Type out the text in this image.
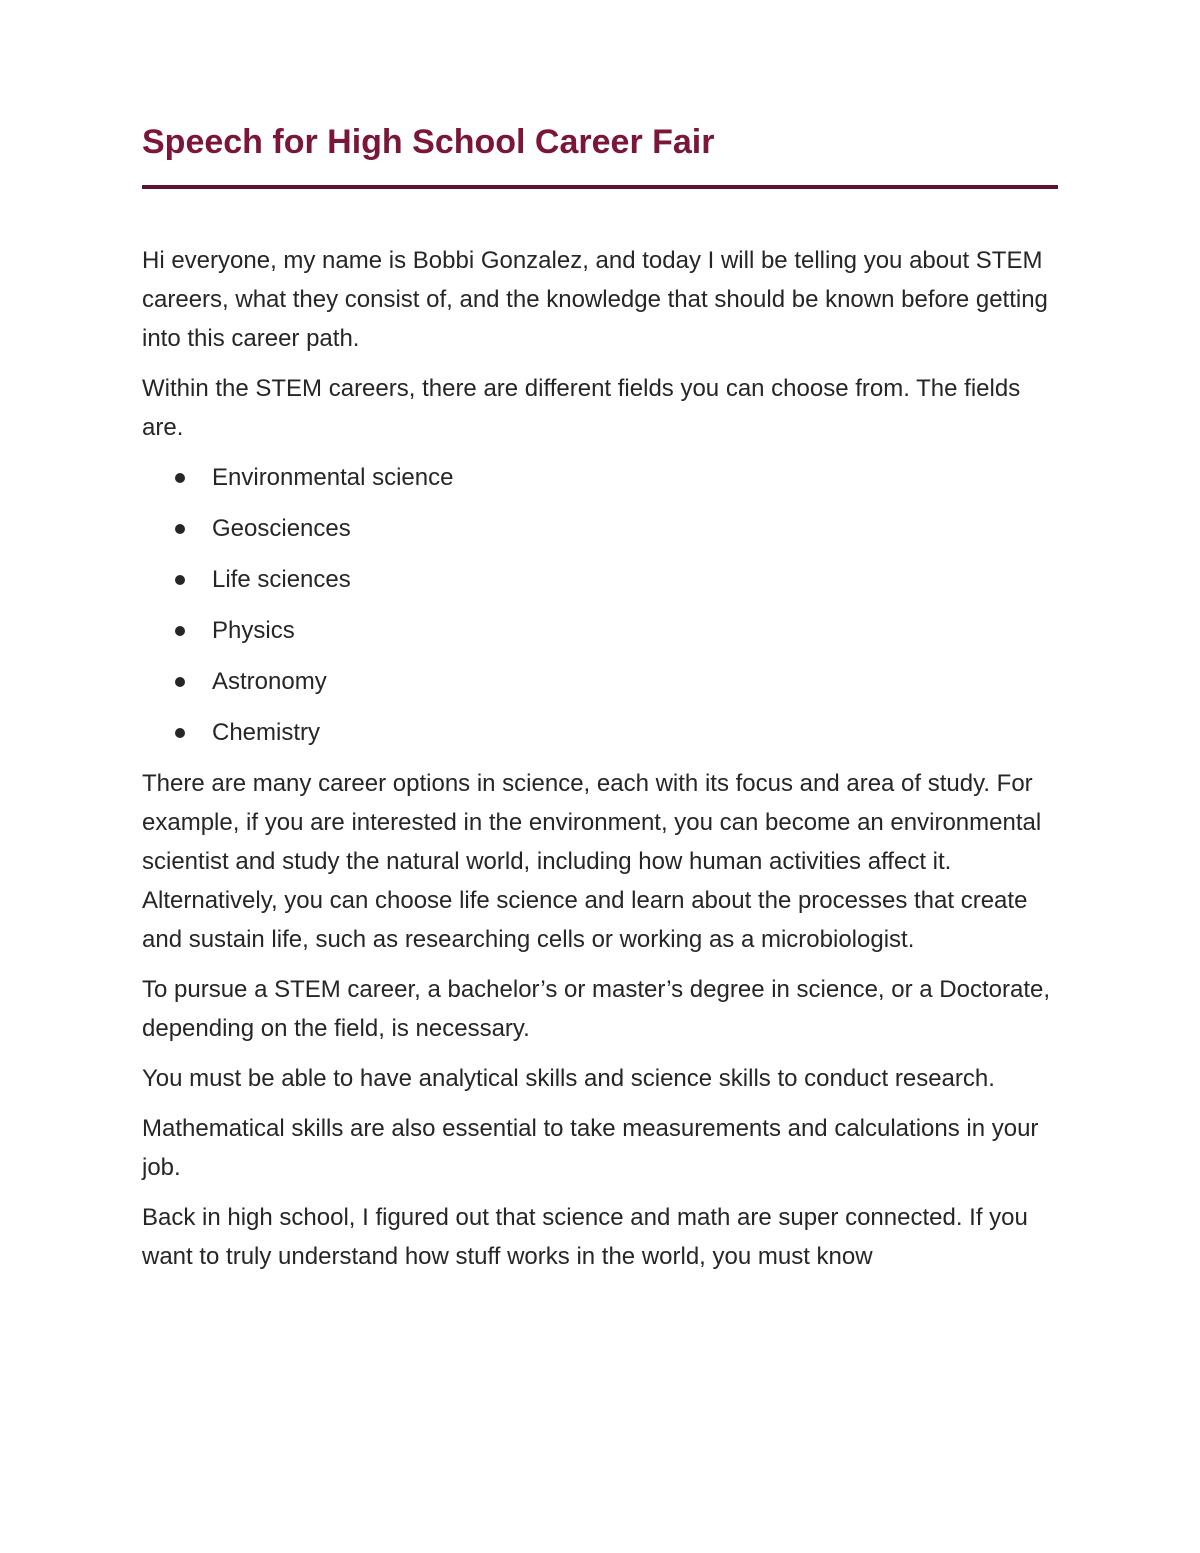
Speech for High School Career Fair

Hi everyone, my name is Bobbi Gonzalez, and today I will be telling you about STEM careers, what they consist of, and the knowledge that should be known before getting into this career path.

Within the STEM careers, there are different fields you can choose from. The fields are.

Environmental science
Geosciences
Life sciences
Physics
Astronomy
Chemistry

There are many career options in science, each with its focus and area of study. For example, if you are interested in the environment, you can become an environmental scientist and study the natural world, including how human activities affect it. Alternatively, you can choose life science and learn about the processes that create and sustain life, such as researching cells or working as a microbiologist.

To pursue a STEM career, a bachelor’s or master’s degree in science, or a Doctorate, depending on the field, is necessary.

You must be able to have analytical skills and science skills to conduct research.

Mathematical skills are also essential to take measurements and calculations in your job.

Back in high school, I figured out that science and math are super connected. If you want to truly understand how stuff works in the world, you must know
